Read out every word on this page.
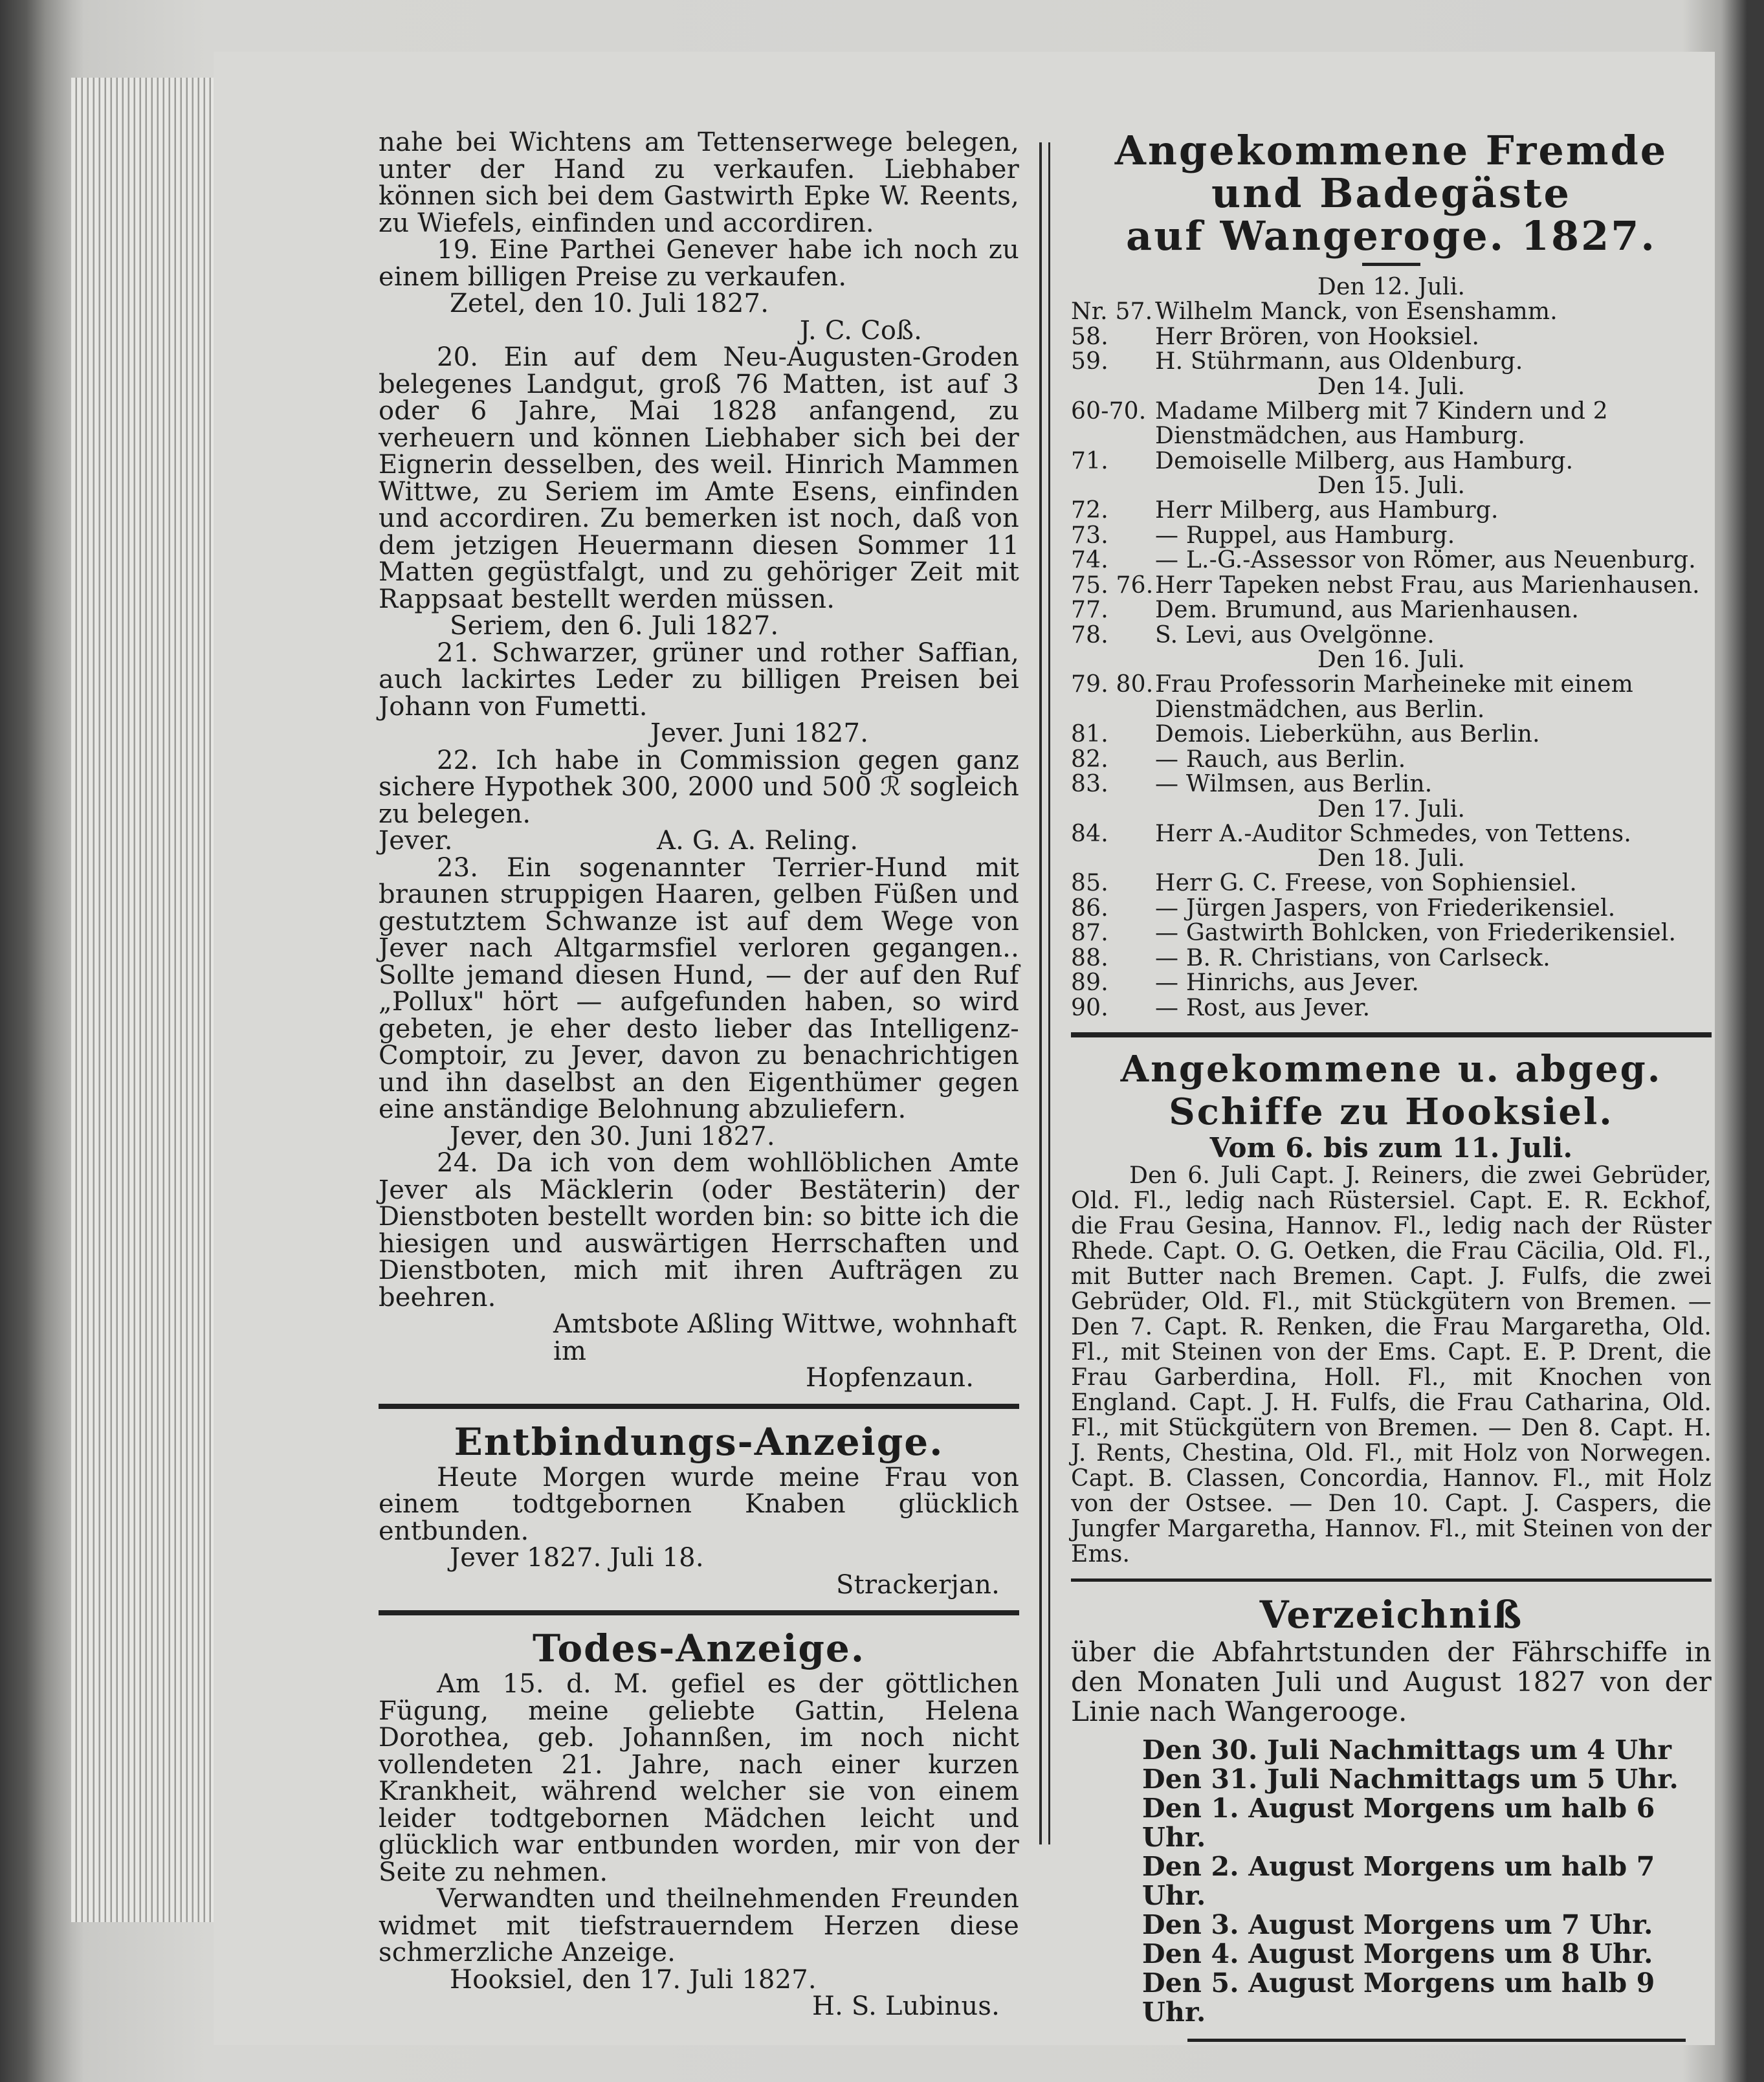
nahe bei Wichtens am Tettenserwege belegen, unter der Hand zu verkaufen. Liebhaber können sich bei dem Gastwirth Epke W. Reents, zu Wiefels, einfinden und accordiren.

19. Eine Parthei Genever habe ich noch zu einem billigen Preise zu verkaufen.

Zetel, den 10. Juli 1827.

J. C. Coß.

20. Ein auf dem Neu-Augusten-Groden belegenes Landgut, groß 76 Matten, ist auf 3 oder 6 Jahre, Mai 1828 anfangend, zu verheuern und können Liebhaber sich bei der Eignerin desselben, des weil. Hinrich Mammen Wittwe, zu Seriem im Amte Esens, einfinden und accordiren. Zu bemerken ist noch, daß von dem jetzigen Heuermann diesen Sommer 11 Matten gegüstfalgt, und zu gehöriger Zeit mit Rappsaat bestellt werden müssen.

Seriem, den 6. Juli 1827.

21. Schwarzer, grüner und rother Saffian, auch lackirtes Leder zu billigen Preisen bei Johann von Fumetti.

Jever. Juni 1827.

22. Ich habe in Commission gegen ganz sichere Hypothek 300, 2000 und 500 ℛ sogleich zu belegen.

Jever.	A. G. A. Reling.

23. Ein sogenannter Terrier-Hund mit braunen struppigen Haaren, gelben Füßen und gestutztem Schwanze ist auf dem Wege von Jever nach Altgarmsfiel verloren gegangen.. Sollte jemand diesen Hund, — der auf den Ruf „Pollux" hört — aufgefunden haben, so wird gebeten, je eher desto lieber das Intelligenz-Comptoir, zu Jever, davon zu benachrichtigen und ihn daselbst an den Eigenthümer gegen eine anständige Belohnung abzuliefern.

Jever, den 30. Juni 1827.

24. Da ich von dem wohllöblichen Amte Jever als Mäcklerin (oder Bestäterin) der Dienstboten bestellt worden bin: so bitte ich die hiesigen und auswärtigen Herrschaften und Dienstboten, mich mit ihren Aufträgen zu beehren.

Amtsbote Aßling Wittwe, wohnhaft im

Hopfenzaun.

Entbindungs-Anzeige.

Heute Morgen wurde meine Frau von einem todtgebornen Knaben glücklich entbunden.

Jever 1827. Juli 18.

Strackerjan.

Todes-Anzeige.

Am 15. d. M. gefiel es der göttlichen Fügung, meine geliebte Gattin, Helena Dorothea, geb. Johannßen, im noch nicht vollendeten 21. Jahre, nach einer kurzen Krankheit, während welcher sie von einem leider todtgebornen Mädchen leicht und glücklich war entbunden worden, mir von der Seite zu nehmen.

Verwandten und theilnehmenden Freunden widmet mit tiefstrauerndem Herzen diese schmerzliche Anzeige.

Hooksiel, den 17. Juli 1827.

H. S. Lubinus.

Angekommene Fremde und Badegäste

auf Wangeroge. 1827.

Den 12. Juli.

Nr. 57. Wilhelm Manck, von Esenshamm.
58.	Herr Brören, von Hooksiel.
59.	H. Stührmann, aus Oldenburg.

Den 14. Juli.

60-70. Madame Milberg mit 7 Kindern und 2 Dienstmädchen, aus Hamburg.
71.	Demoiselle Milberg, aus Hamburg.

Den 15. Juli.

72.	Herr Milberg, aus Hamburg.
73.	— Ruppel, aus Hamburg.
74.	— L.-G.-Assessor von Römer, aus Neuenburg.
75. 76. Herr Tapeken nebst Frau, aus Marienhausen.
77.	Dem. Brumund, aus Marienhausen.
78.	S. Levi, aus Ovelgönne.

Den 16. Juli.

79. 80. Frau Professorin Marheineke mit einem Dienstmädchen, aus Berlin.
81.	Demois. Lieberkühn, aus Berlin.
82.	— Rauch, aus Berlin.
83.	— Wilmsen, aus Berlin.

Den 17. Juli.

84.	Herr A.-Auditor Schmedes, von Tettens.

Den 18. Juli.

85.	Herr G. C. Freese, von Sophiensiel.
86.	— Jürgen Jaspers, von Friederikensiel.
87.	— Gastwirth Bohlcken, von Friederikensiel.
88.	— B. R. Christians, von Carlseck.
89.	— Hinrichs, aus Jever.
90.	— Rost, aus Jever.

Angekommene u. abgeg. Schiffe zu Hooksiel.

Vom 6. bis zum 11. Juli.

Den 6. Juli Capt. J. Reiners, die zwei Gebrüder, Old. Fl., ledig nach Rüstersiel. Capt. E. R. Eckhof, die Frau Gesina, Hannov. Fl., ledig nach der Rüster Rhede. Capt. O. G. Oetken, die Frau Cäcilia, Old. Fl., mit Butter nach Bremen. Capt. J. Fulfs, die zwei Gebrüder, Old. Fl., mit Stückgütern von Bremen. — Den 7. Capt. R. Renken, die Frau Margaretha, Old. Fl., mit Steinen von der Ems. Capt. E. P. Drent, die Frau Garberdina, Holl. Fl., mit Knochen von England. Capt. J. H. Fulfs, die Frau Catharina, Old. Fl., mit Stückgütern von Bremen. — Den 8. Capt. H. J. Rents, Chestina, Old. Fl., mit Holz von Norwegen. Capt. B. Classen, Concordia, Hannov. Fl., mit Holz von der Ostsee. — Den 10. Capt. J. Caspers, die Jungfer Margaretha, Hannov. Fl., mit Steinen von der Ems.

Verzeichniß

über die Abfahrtstunden der Fährschiffe in den Monaten Juli und August 1827 von der Linie nach Wangerooge.

Den 30. Juli Nachmittags um 4 Uhr

Den 31. Juli Nachmittags um 5 Uhr.

Den 1. August Morgens um halb 6 Uhr.

Den 2. August Morgens um halb 7 Uhr.

Den 3. August Morgens um 7 Uhr.

Den 4. August Morgens um 8 Uhr.

Den 5. August Morgens um halb 9 Uhr.
